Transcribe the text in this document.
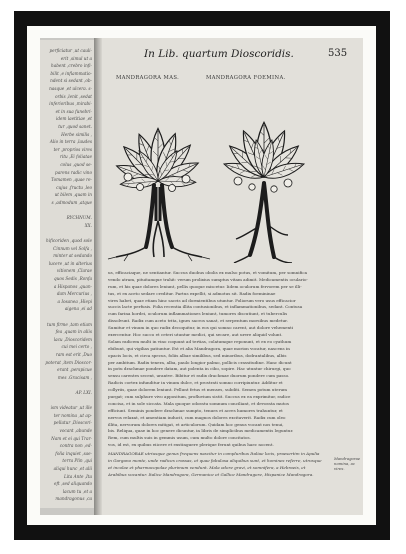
perficiatur ,ut cauli-
erit ,simul ut a
habent ,crebro infi-
bilit ,e inflammatio-
ndent si sedant ,ob-
nasque ,et ulcera. s-
orbis ,lenit ,sedat
inferioribus ,mirabi-
et in sua funebri-
idem laetitiae ,et
tur ,quod sanet.
Herbe similis ,
Alio in terra ,laudes
ter ,proprios vires
ritu ,Ei foliatae
colus ,quod se-
parens radic vino
Tomamen ,quae re-
cujus ,fructu ,leo
ut bilem ,quam in
s ,admodum ,atque
RYCHNUM.
XX.
hificoriden ,quod sole
Cinnum vel Solfa ,
minter at sedando
lucere ,ut in alterius
vitionem ,Clarae
quos Sedis ,Ronfa
a Hispanos ,quan-
dam Mercurius ,
a Iosanea ,Hiepi
aigena ,ei ad
tum firme ,tam etiam
fea ,quam in aliis
lacu ,Dioscoridem
cui mei certo ,
ram est erit ,Duo
poterat ,item Dioscor-
erant ,perspicue
mes .Gracisam ,
AP. LXI.
ism videatur ,ut ille
ter nomina ,ut ap-
pellatur ,Dioscori-
vocant ,abunde
Nam et ei qui Trar-
contra non ,ed-
folia inquiet ,sae-
terra Plin ,qui
aliqui hunc ,et alii
Lita Ante ,Ita
eft ,sed aliquando
lacum tu ,et a
mandragonus ,ca
In Lib. quartum Dioscoridis.	535
MANDRAGORA MAS.	MANDRAGORA FOEMINA.
us, efficaciaque, ne sentiantur. Succus duobus obolis ex mulso potus, et vomitum, per somnifica
vendo atram, pituitamque trahit: verum prolixius sumptus vitam adimit. Medicamentis oculario-
rum, et his quae dolores leniunt, pellis quoque miscetur. Iidem oculorum fervorem per se illi-
tus, et ex aceto sedare creditur. Partus expellit, si admotus sit. Radix foemininae
vires habet, quae etiam hinc sacris ad dormientibus utuntur. Foliorum vero usus efficacior
succis lacte perfusis. Folia recentia illita contusionibus, et inflammationibus, sedant. Contusa
cum farina hordei, oculorum inflammationes leniunt, tumores discutiunt, et tuberculis
dissolvunt. Radix cum aceto trita, ignes sacros sanat, et serpentum morsibus medetur.
Sumitur et vinum in quo radix decoquitur, in eos qui somno carent, aut dolore vehementi
exercentur. Hoc succo et ceteri utuntur medici, qui secare, aut urere aliquid volunt.
Solam radicem multi in vino coquunt ad tertias, colatumque reponunt, et ex eo cyathum
ebibunt, qui vigilias patiuntur. Est et alia Mandragora, quae morion vocatur, nascens in
opacis locis, et circa specus, foliis albae similibus, sed minoribus, dodrantalibus, albis
per ambitum. Radix tenera, alba, paulo longior palmo, pollicis crassitudine. Hanc dicunt
in potu drachmae pondere datam, aut polenta in cibo, sopire. Hac utuntur chirurgi, quo
sensu carentes secent, urantve. Bibitur et radix drachmae duorum pondere cum passo.
Radicis cortex infunditur in vinum dulce, et prostrati somno corripiuntur. Additur et
collyriis, quae dolorem leniunt. Pellunt fetus et menses, subditi. Semen potum uterum
purgat; cum sulphure vivo appositum, profluvium sistit. Succus ex ea exprimitur, radice
concisa, et in sole siccata. Mala quoque odoratu somnum conciliant, et devorata mutos
efficiunt. Seminis pondere drachmae sumpto, tenues et acres humores trahuntur, et
nervos relaxat, et amentiam inducit, cum magnos dolores excitaverit. Radix cum oleo
illita, nervorum dolores mitigat, et articulorum. Quidam hoc genus vocant nos tenui,
bis. Reliqua, quae in hoc genere dicuntur, in libris de simplicibus medicamentis leguntur.
Rem, cum multis suis in gemmis usum, cum multo dolore concitatos.
vos, id est, ex quibus eiicere et exstinguere plerique ferunt quibus haec nocent.
MANDRAGORAE utriusque genus frequens nascitur in compluribus Italiae locis, praesertim in Apulia
in Gargano monte, unde radices crassas, et quae fabulosa aliquibus sunt, et homines referre, utrosque
et incolae et pharmacopolae plurimum vendunt. Mala odore gravi, et somnifera, a Hebraeis, et
Arabibus vocantur. Italice Mandragora, Germanice et Gallice Mandragore, Hispanice Mandragora.
Mandragorae nomina, ac vires.
